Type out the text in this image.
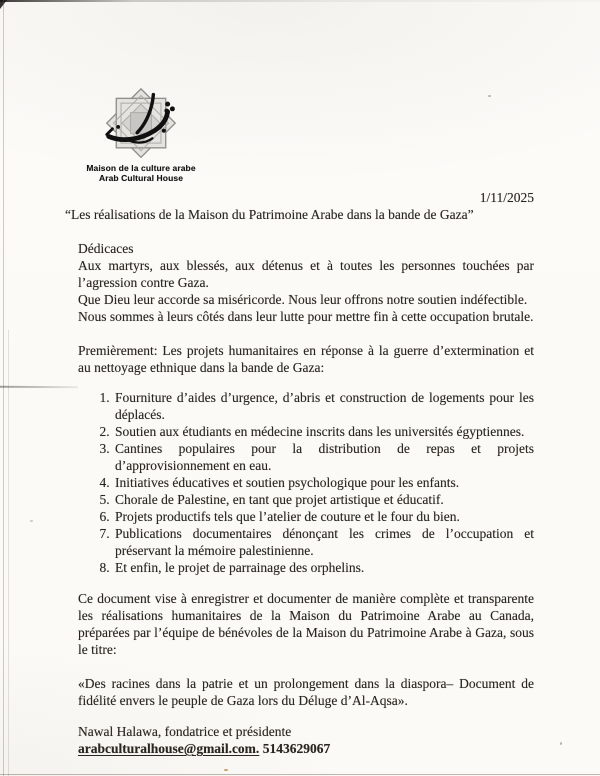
Maison de la culture arabe
Arab Cultural House
1/11/2025
“Les réalisations de la Maison du Patrimoine Arabe dans la bande de Gaza”
Dédicaces
Aux martyrs, aux blessés, aux détenus et à toutes les personnes touchées par l’agression contre Gaza.
Que Dieu leur accorde sa miséricorde. Nous leur offrons notre soutien indéfectible.
Nous sommes à leurs côtés dans leur lutte pour mettre fin à cette occupation brutale.
Premièrement: Les projets humanitaires en réponse à la guerre d’extermination et au nettoyage ethnique dans la bande de Gaza:
1. Fourniture d’aides d’urgence, d’abris et construction de logements pour les déplacés.
2. Soutien aux étudiants en médecine inscrits dans les universités égyptiennes.
3. Cantines populaires pour la distribution de repas et projets d’approvisionnement en eau.
4. Initiatives éducatives et soutien psychologique pour les enfants.
5. Chorale de Palestine, en tant que projet artistique et éducatif.
6. Projets productifs tels que l’atelier de couture et le four du bien.
7. Publications documentaires dénonçant les crimes de l’occupation et préservant la mémoire palestinienne.
8. Et enfin, le projet de parrainage des orphelins.
Ce document vise à enregistrer et documenter de manière complète et transparente les réalisations humanitaires de la Maison du Patrimoine Arabe au Canada, préparées par l’équipe de bénévoles de la Maison du Patrimoine Arabe à Gaza, sous le titre:
«Des racines dans la patrie et un prolongement dans la diaspora– Document de fidélité envers le peuple de Gaza lors du Déluge d’Al-Aqsa».
Nawal Halawa, fondatrice et présidente
arabculturalhouse@gmail.com. 5143629067
